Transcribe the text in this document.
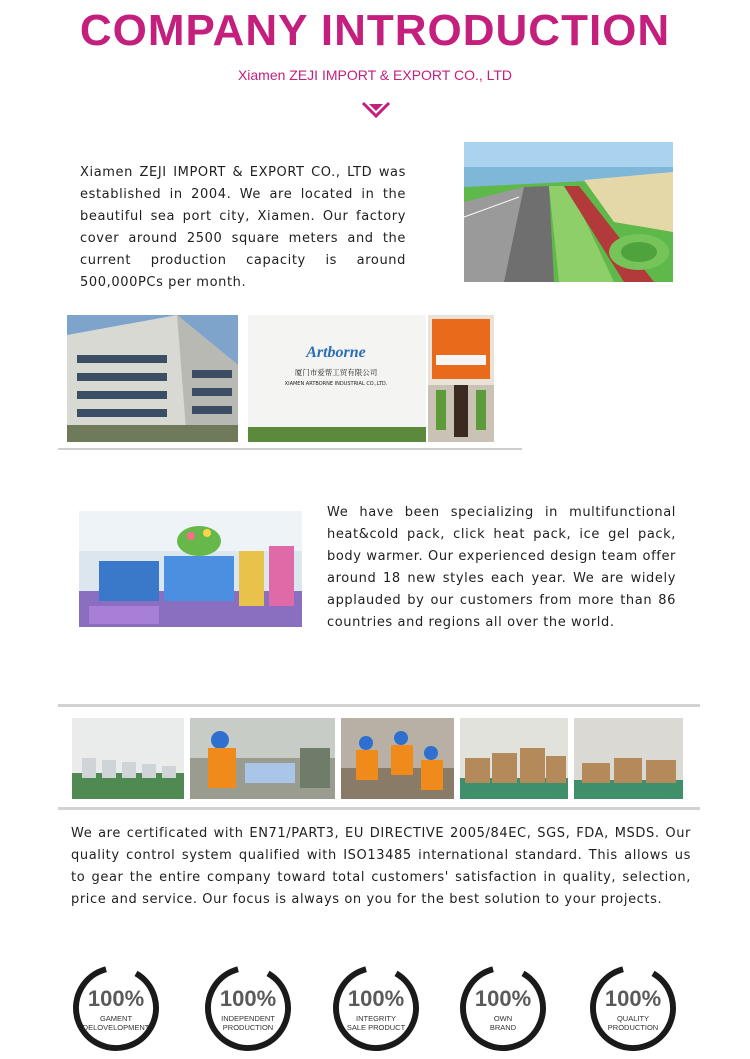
COMPANY INTRODUCTION
Xiamen ZEJI IMPORT & EXPORT CO., LTD
Xiamen ZEJI IMPORT & EXPORT CO., LTD was established in 2004. We are located in the beautiful sea port city, Xiamen. Our factory cover around 2500 square meters and the current production capacity is around 500,000PCs per month.
Artborne
厦门市爱帮工贸有限公司
XIAMEN ARTBORNE INDUSTRIAL CO.,LTD.
We have been specializing in multifunctional heat&cold pack, click heat pack, ice gel pack, body warmer. Our experienced design team offer around 18 new styles each year. We are widely applauded by our customers from more than 86 countries and regions all over the world.
We are certificated with EN71/PART3, EU DIRECTIVE 2005/84EC, SGS, FDA, MSDS. Our quality control system qualified with ISO13485 international standard. This allows us to gear the entire company toward total customers' satisfaction in quality, selection, price and service. Our focus is always on you for the best solution to your projects.
100%
GAMENT
DELOVELOPMENT
100%
INDEPENDENT
PRODUCTION
100%
INTEGRITY
SALE PRODUCT
100%
OWN
BRAND
100%
QUALITY
PRODUCTION
